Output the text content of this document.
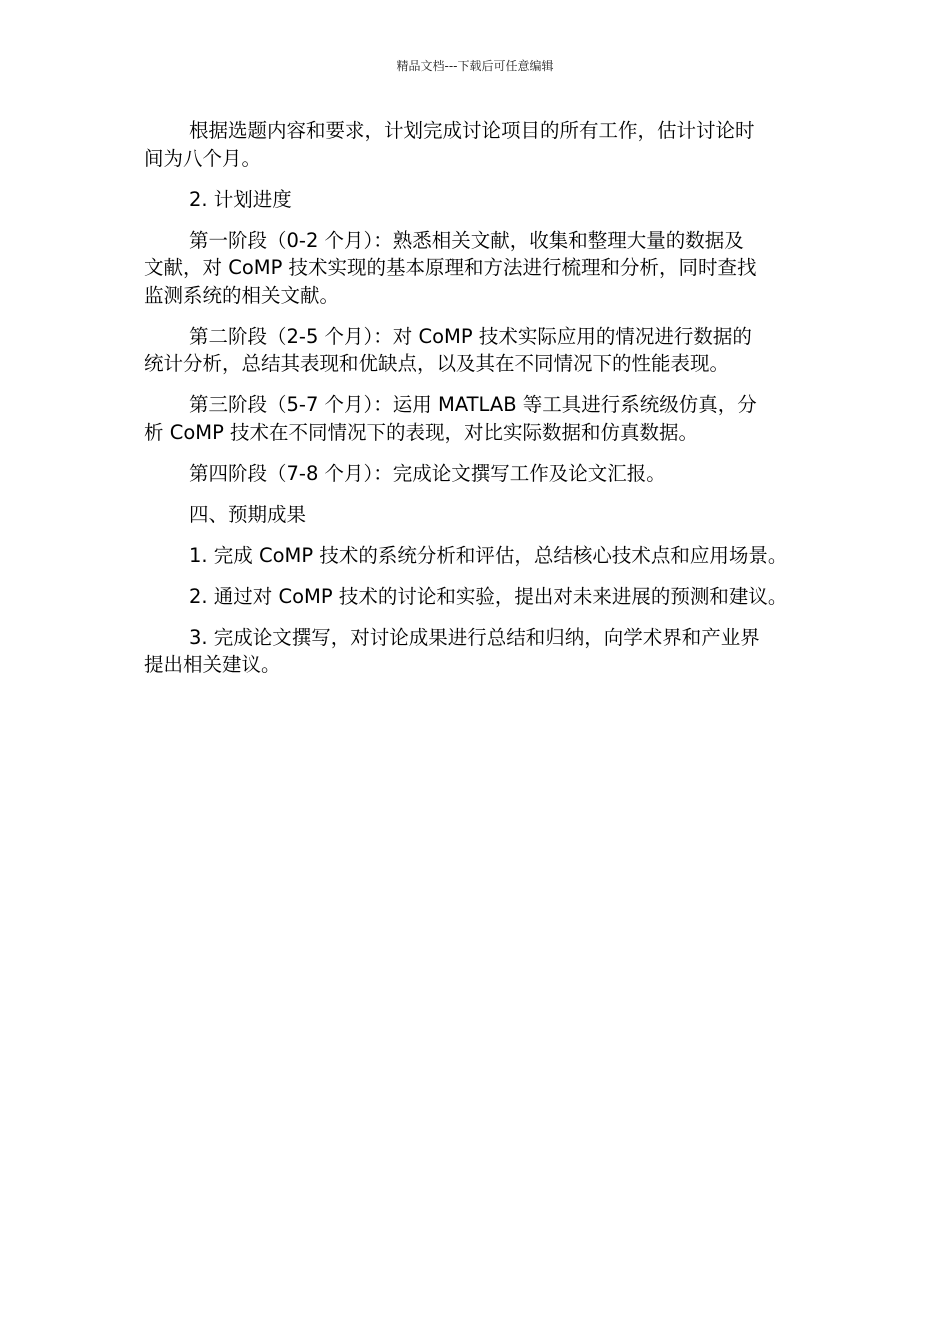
精品文档---下载后可任意编辑
根据选题内容和要求，计划完成讨论项目的所有工作，估计讨论时
间为八个月。
2. 计划进度
第一阶段（0-2 个月）：熟悉相关文献，收集和整理大量的数据及
文献，对 CoMP 技术实现的基本原理和方法进行梳理和分析，同时查找
监测系统的相关文献。
第二阶段（2-5 个月）：对 CoMP 技术实际应用的情况进行数据的
统计分析，总结其表现和优缺点，以及其在不同情况下的性能表现。
第三阶段（5-7 个月）：运用 MATLAB 等工具进行系统级仿真，分
析 CoMP 技术在不同情况下的表现，对比实际数据和仿真数据。
第四阶段（7-8 个月）：完成论文撰写工作及论文汇报。
四、预期成果
1. 完成 CoMP 技术的系统分析和评估，总结核心技术点和应用场景。
2. 通过对 CoMP 技术的讨论和实验，提出对未来进展的预测和建议。
3. 完成论文撰写，对讨论成果进行总结和归纳，向学术界和产业界
提出相关建议。
